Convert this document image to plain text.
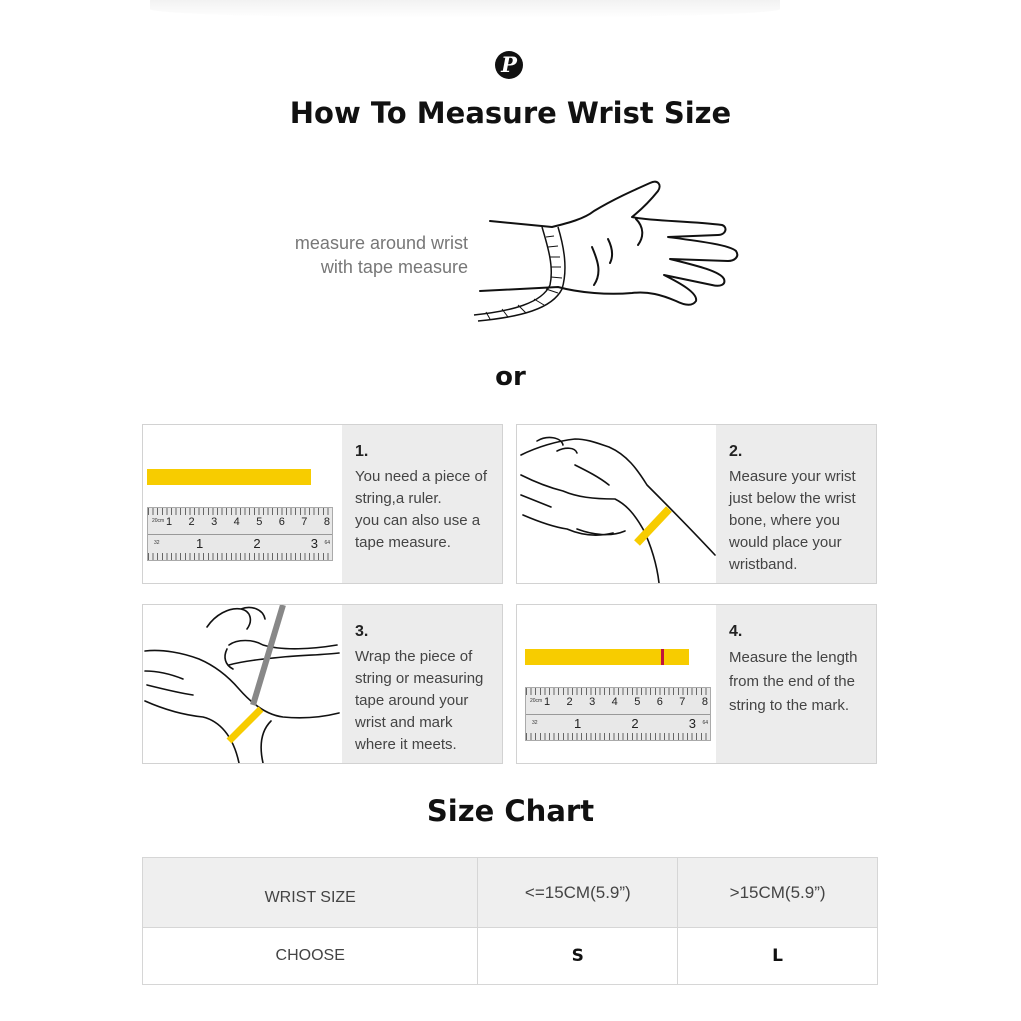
P
How To Measure Wrist Size
measure around wrist
with tape measure
or
20cm 1 2 3 4 5 6 7 8
32	1	2	3 64
1.
You need a piece of
string,a ruler.
you can also use a
tape measure.
2.
Measure your wrist
just below the wrist
bone, where you
would place your
wristband.
3.
Wrap the piece of
string or measuring
tape around your
wrist and mark
where it meets.
20cm 1 2 3 4 5 6 7 8
32	1	2	3 64
4.
Measure the length
from the end of the
string to the mark.
Size Chart
WRIST SIZE	<=15CM(5.9”)	>15CM(5.9”)
CHOOSE	S	L
